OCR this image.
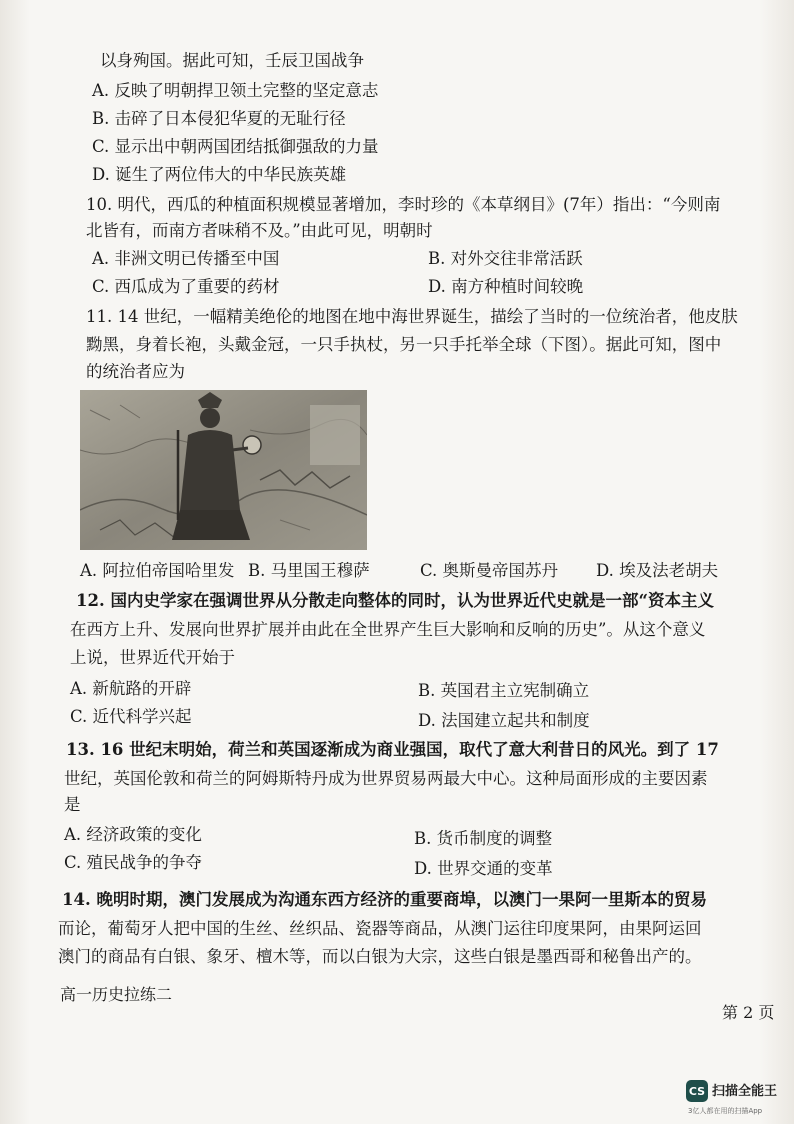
以身殉国。据此可知，壬辰卫国战争
A. 反映了明朝捍卫领土完整的坚定意志
B. 击碎了日本侵犯华夏的无耻行径
C. 显示出中朝两国团结抵御强敌的力量
D. 诞生了两位伟大的中华民族英雄
10. 明代，西瓜的种植面积规模显著增加，李时珍的《本草纲目》(7年）指出：“今则南
北皆有，而南方者味稍不及。”由此可见，明朝时
A. 非洲文明已传播至中国	B. 对外交往非常活跃
C. 西瓜成为了重要的药材	D. 南方种植时间较晚
11. 14 世纪，一幅精美绝伦的地图在地中海世界诞生，描绘了当时的一位统治者，他皮肤
黝黑，身着长袍，头戴金冠，一只手执杖，另一只手托举全球（下图）。据此可知，图中
的统治者应为
A. 阿拉伯帝国哈里发 B. 马里国王穆萨	C. 奥斯曼帝国苏丹 D. 埃及法老胡夫
12. 国内史学家在强调世界从分散走向整体的同时，认为世界近代史就是一部“资本主义
在西方上升、发展向世界扩展并由此在全世界产生巨大影响和反响的历史”。从这个意义
上说，世界近代开始于
A. 新航路的开辟	B. 英国君主立宪制确立
C. 近代科学兴起	D. 法国建立起共和制度
13. 16 世纪末明始，荷兰和英国逐渐成为商业强国，取代了意大利昔日的风光。到了 17
世纪，英国伦敦和荷兰的阿姆斯特丹成为世界贸易两最大中心。这种局面形成的主要因素
是
A. 经济政策的变化	B. 货币制度的调整
C. 殖民战争的争夺	D. 世界交通的变革
14. 晚明时期，澳门发展成为沟通东西方经济的重要商埠，以澳门一果阿一里斯本的贸易
而论，葡萄牙人把中国的生丝、丝织品、瓷器等商品，从澳门运往印度果阿，由果阿运回
澳门的商品有白银、象牙、檀木等，而以白银为大宗，这些白银是墨西哥和秘鲁出产的。
高一历史拉练二
第 2 页
CS 扫描全能王
3亿人都在用的扫描App
